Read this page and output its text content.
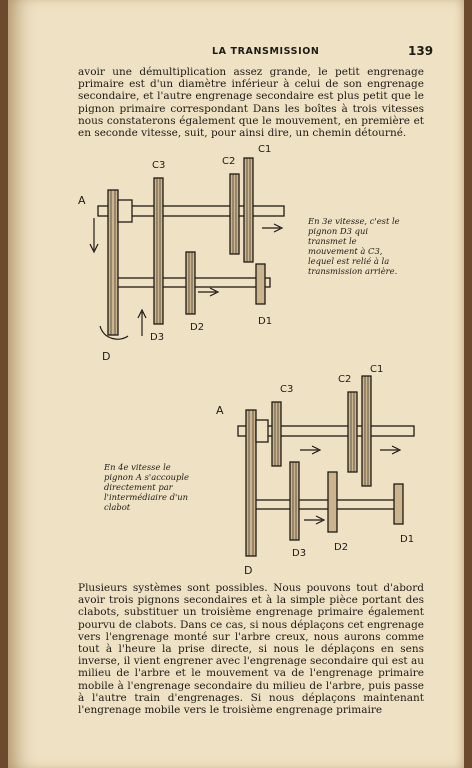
LA TRANSMISSION	139

avoir une démultiplication assez grande, le petit engrenage primaire est d'un diamètre inférieur à celui de son engrenage secondaire, et l'autre engrenage secondaire est plus petit que le pignon primaire correspondant Dans les boîtes à trois vitesses nous constaterons également que le mouvement, en première et en seconde vitesse, suit, pour ainsi dire, un chemin détourné.

A
C3	C2
C1
D
D3
D2
D1

En 3e vitesse, c'est le pignon D3 qui transmet le mouvement à C3, lequel est relié à la transmission arrière.

A
C3
C2
C1
D
D3
D2
D1

En 4e vitesse le pignon A s'accouple directement par l'intermédiaire d'un clabot

Plusieurs systèmes sont possibles. Nous pouvons tout d'abord avoir trois pignons secondaires et à la simple pièce portant des clabots, substituer un troisième engrenage primaire également pourvu de clabots. Dans ce cas, si nous déplaçons cet engrenage vers l'engrenage monté sur l'arbre creux, nous aurons comme tout à l'heure la prise directe, si nous le déplaçons en sens inverse, il vient engrener avec l'engrenage secondaire qui est au milieu de l'arbre et le mouvement va de l'engrenage primaire mobile à l'engrenage secondaire du milieu de l'arbre, puis passe à l'autre train d'engrenages. Si nous déplaçons maintenant l'engrenage mobile vers le troisième engrenage primaire
